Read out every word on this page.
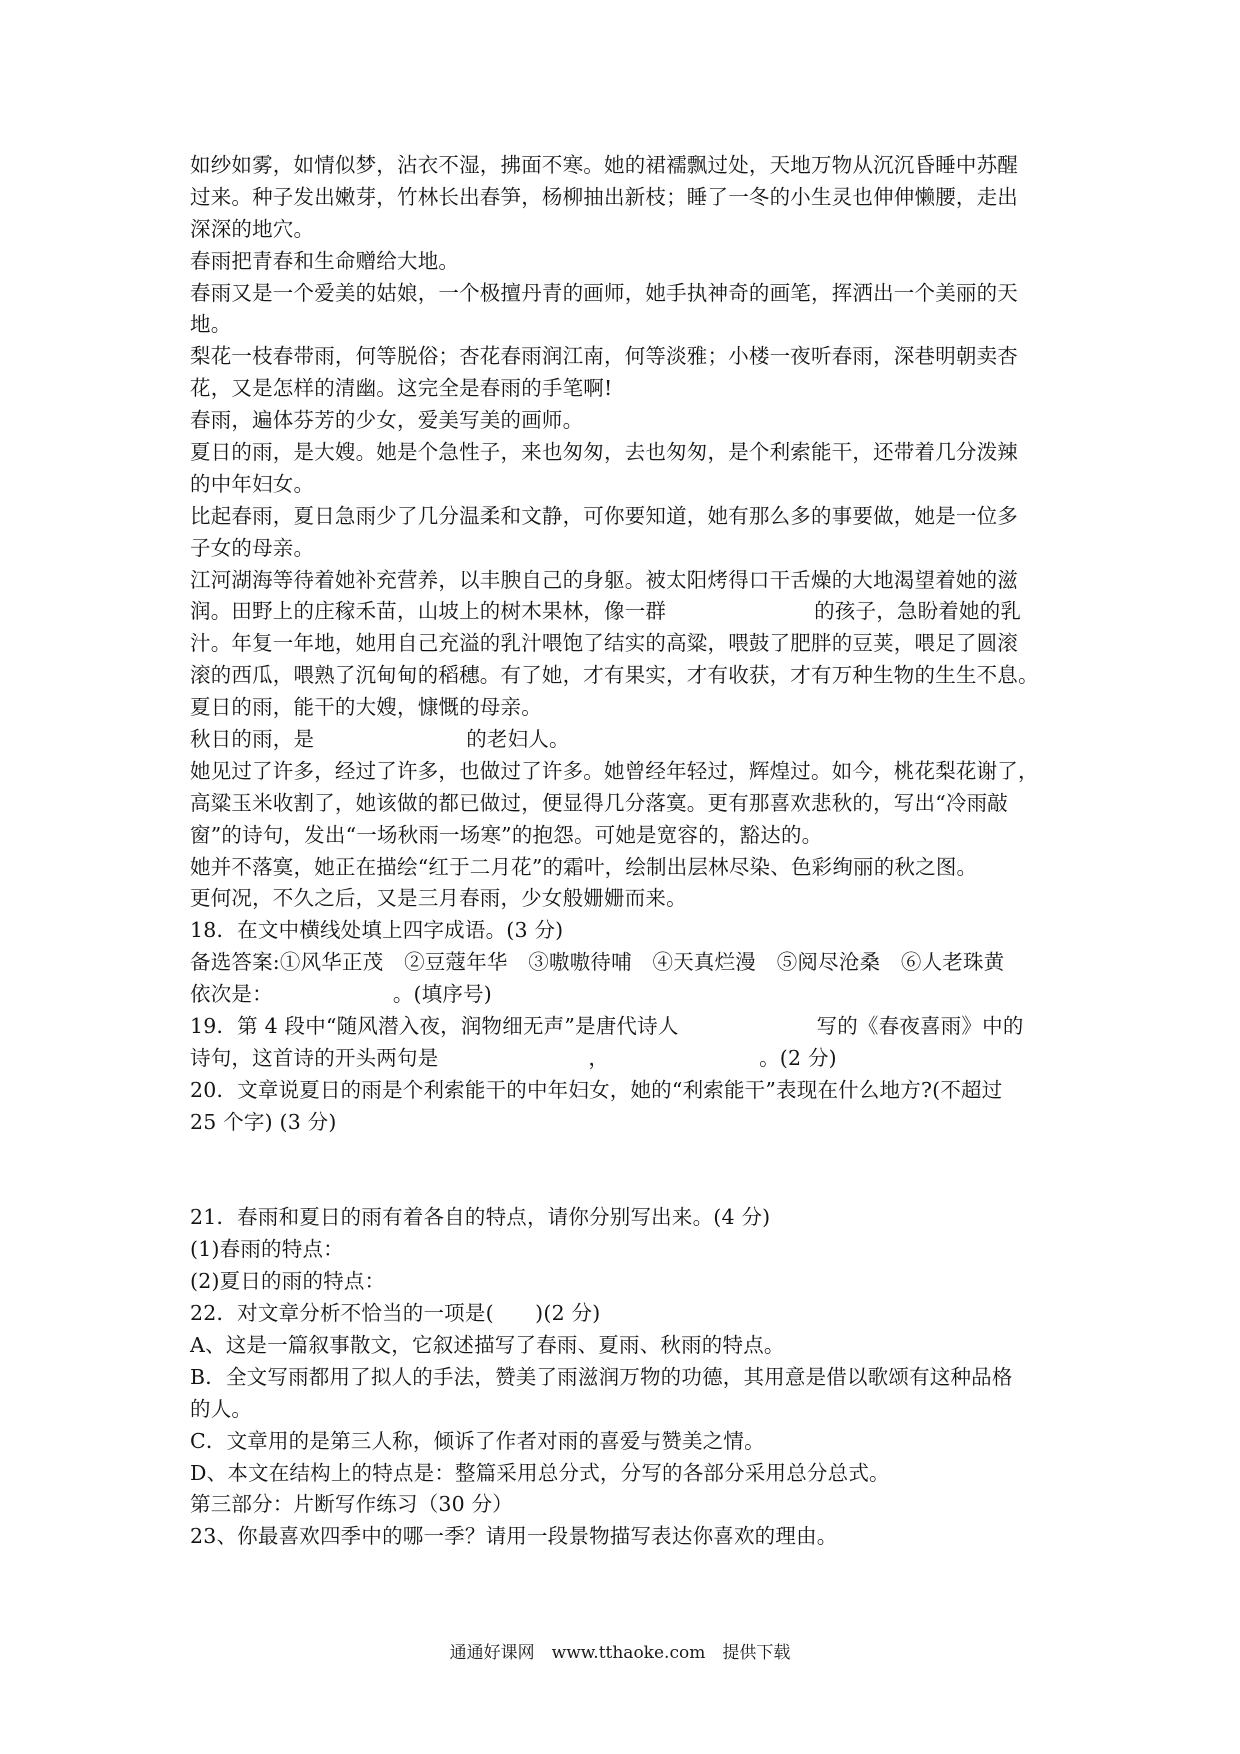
如纱如雾，如情似梦，沾衣不湿，拂面不寒。她的裙襦飘过处，天地万物从沉沉昏睡中苏醒
过来。种子发出嫩芽，竹林长出春笋，杨柳抽出新枝；睡了一冬的小生灵也伸伸懒腰，走出
深深的地穴。
春雨把青春和生命赠给大地。
春雨又是一个爱美的姑娘，一个极擅丹青的画师，她手执神奇的画笔，挥洒出一个美丽的天
地。
梨花一枝春带雨，何等脱俗；杏花春雨润江南，何等淡雅；小楼一夜听春雨，深巷明朝卖杏
花，又是怎样的清幽。这完全是春雨的手笔啊!
春雨，遍体芬芳的少女，爱美写美的画师。
夏日的雨，是大嫂。她是个急性子，来也匆匆，去也匆匆，是个利索能干，还带着几分泼辣
的中年妇女。
比起春雨，夏日急雨少了几分温柔和文静，可你要知道，她有那么多的事要做，她是一位多
子女的母亲。
江河湖海等待着她补充营养，以丰腴自己的身躯。被太阳烤得口干舌燥的大地渴望着她的滋
润。田野上的庄稼禾苗，山坡上的树木果林，像一群	的孩子，急盼着她的乳
汁。年复一年地，她用自己充溢的乳汁喂饱了结实的高粱，喂鼓了肥胖的豆荚，喂足了圆滚
滚的西瓜，喂熟了沉甸甸的稻穗。有了她，才有果实，才有收获，才有万种生物的生生不息。
夏日的雨，能干的大嫂，慷慨的母亲。
秋日的雨，是	的老妇人。
她见过了许多，经过了许多，也做过了许多。她曾经年轻过，辉煌过。如今，桃花梨花谢了，
高粱玉米收割了，她该做的都已做过，便显得几分落寞。更有那喜欢悲秋的，写出“冷雨敲
窗”的诗句，发出“一场秋雨一场寒”的抱怨。可她是宽容的，豁达的。
她并不落寞，她正在描绘“红于二月花”的霜叶，绘制出层林尽染、色彩绚丽的秋之图。
更何况，不久之后，又是三月春雨，少女般姗姗而来。
18．在文中横线处填上四字成语。(3 分)
备选答案:①风华正茂　②豆蔻年华　③嗷嗷待哺　④天真烂漫　⑤阅尽沧桑　⑥人老珠黄
依次是：	。(填序号)
19．第 4 段中“随风潜入夜，润物细无声”是唐代诗人	写的《春夜喜雨》中的
诗句，这首诗的开头两句是	，	。(2 分)
20．文章说夏日的雨是个利索能干的中年妇女，她的“利索能干”表现在什么地方?(不超过
25 个字) (3 分)
21．春雨和夏日的雨有着各自的特点，请你分别写出来。(4 分)
(1)春雨的特点：
(2)夏日的雨的特点：
22．对文章分析不恰当的一项是(　　)(2 分)
A、这是一篇叙事散文，它叙述描写了春雨、夏雨、秋雨的特点。
B．全文写雨都用了拟人的手法，赞美了雨滋润万物的功德，其用意是借以歌颂有这种品格
的人。
C．文章用的是第三人称，倾诉了作者对雨的喜爱与赞美之情。
D、本文在结构上的特点是：整篇采用总分式，分写的各部分采用总分总式。
第三部分：片断写作练习（30 分）
23、你最喜欢四季中的哪一季？请用一段景物描写表达你喜欢的理由。
通通好课网　www.tthaoke.com　提供下载
